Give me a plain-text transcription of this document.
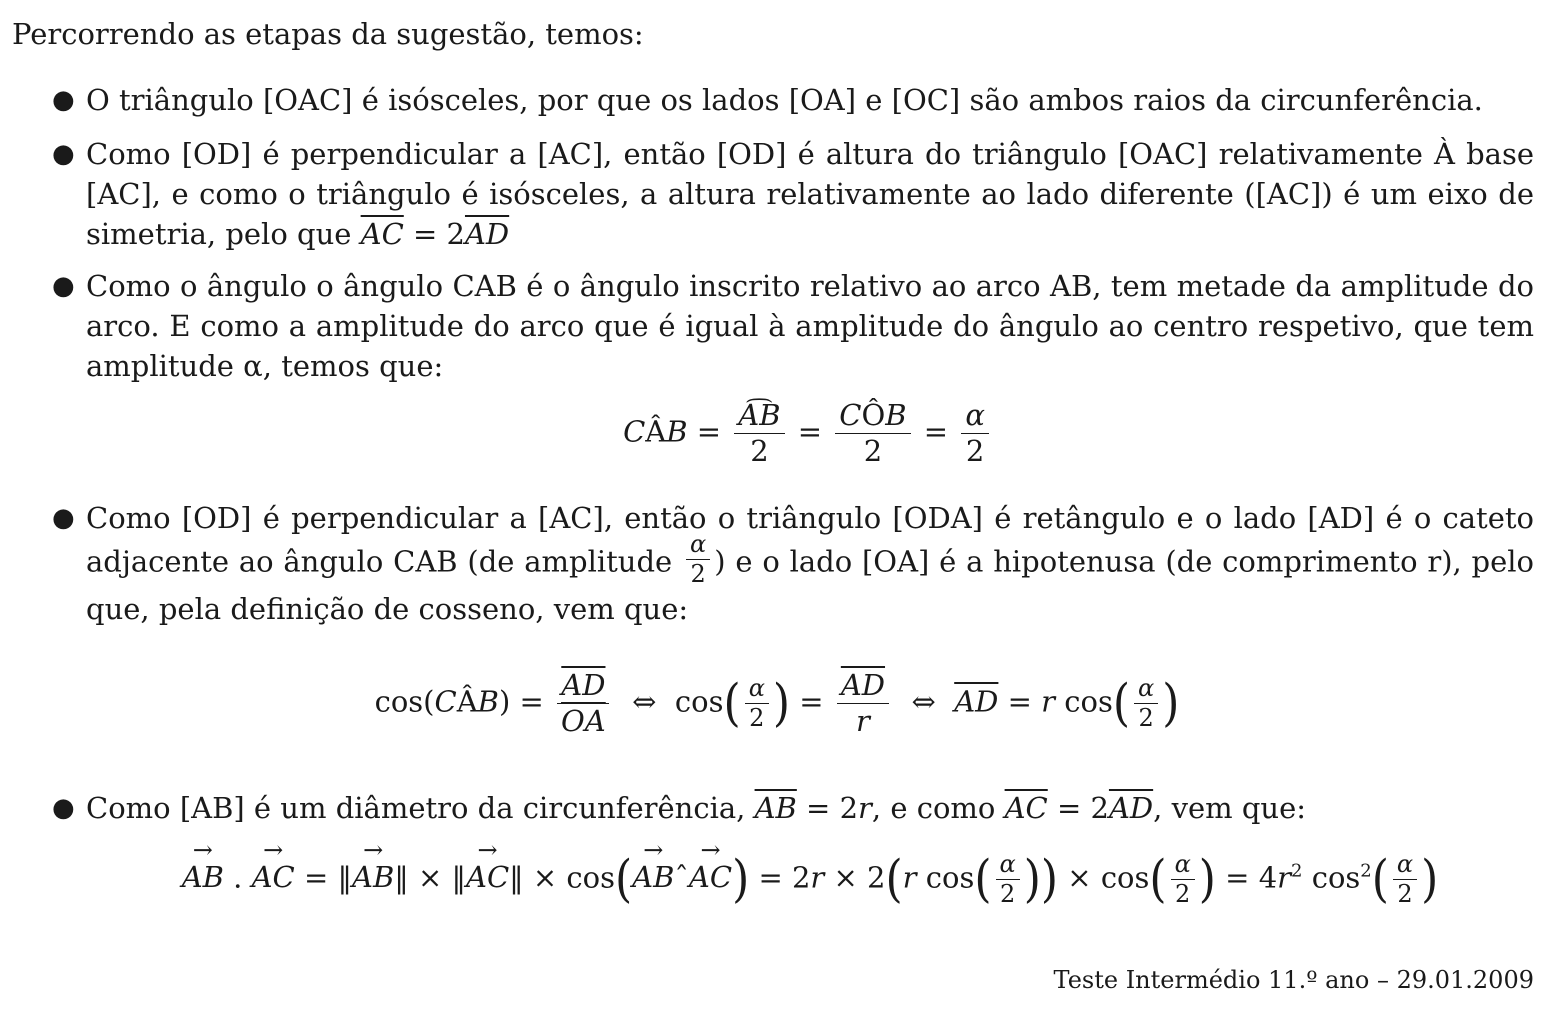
Percorrendo as etapas da sugestão, temos:
● O triângulo [OAC] é isósceles, por que os lados [OA] e [OC] são ambos raios da circunferência.
● Como [OD] é perpendicular a [AC], então [OD] é altura do triângulo [OAC] relativamente À base [AC], e como o triângulo é isósceles, a altura relativamente ao lado diferente ([AC]) é um eixo de simetria, pelo que $\overline{AC} = 2\overline{AD}$
● Como o ângulo o ângulo CAB é o ângulo inscrito relativo ao arco AB, tem metade da amplitude do arco. E como a amplitude do arco que é igual à amplitude do ângulo ao centro respetivo, que tem amplitude α, temos que:
CÂB = $\frac{AB}{2} = \frac{\text{CÔB}}{2} = \frac{\alpha}{2}$
● Como [OD] é perpendicular a [AC], então o triângulo [ODA] é retângulo e o lado [AD] é o cateto adjacente ao ângulo CAB (de amplitude $\frac{\alpha}{2}$ ) e o lado [OA] é a hipotenusa (de comprimento r), pelo que, pela definição de cosseno, vem que:
cos(CÂB) = $\frac{\overline{AD}}{OA}$ ⇔  $\cos( \frac{\alpha}{2}$ ) = $\frac{\overline{AD}}{r}$ ⇔  $\overline{AD} = r$ $\cos( \frac{\alpha}{2}$ )
● Como [AB] é um diâmetro da circunferência, $\overline{AB} = 2r$, e como $\overline{AC} = 2\overline{AD}$, vem que:
→ AB . → AC = ‖→ AB‖ × ‖→ AC‖ × cos(→ ABˆ→ AC) = 2r × 2(r $\cos( \frac{\alpha}{2}$ )) × $\cos( \frac{\alpha}{2}$ ) = $4r^2$ $\cos^2( \frac{\alpha}{2}$ )
Teste Intermédio 11.º ano – 29.01.2009
